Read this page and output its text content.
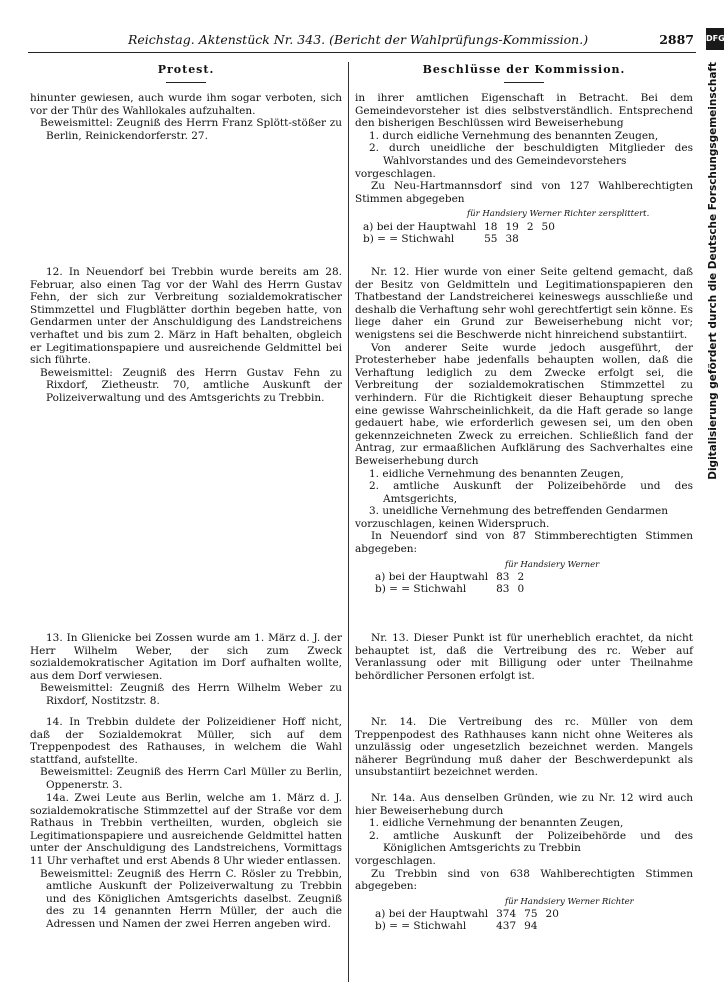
Reichstag. Aktenstück Nr. 343. (Bericht der Wahlprüfungs-Kommission.)	2887
Protest.

hinunter gewiesen, auch wurde ihm sogar verboten, sich vor der Thür des Wahllokales aufzuhalten.

Beweismittel: Zeugniß des Herrn Franz Splött-stößer zu Berlin, Reinickendorferstr. 27.

12. In Neuendorf bei Trebbin wurde bereits am 28. Februar, also einen Tag vor der Wahl des Herrn Gustav Fehn, der sich zur Verbreitung sozialdemokratischer Stimmzettel und Flugblätter dorthin begeben hatte, von Gendarmen unter der Anschuldigung des Landstreichens verhaftet und bis zum 2. März in Haft behalten, obgleich er Legitimationspapiere und ausreichende Geldmittel bei sich führte.

Beweismittel: Zeugniß des Herrn Gustav Fehn zu Rixdorf, Zietheustr. 70, amtliche Auskunft der Polizeiverwaltung und des Amtsgerichts zu Trebbin.

13. In Glienicke bei Zossen wurde am 1. März d. J. der Herr Wilhelm Weber, der sich zum Zweck sozialdemokratischer Agitation im Dorf aufhalten wollte, aus dem Dorf verwiesen.

Beweismittel: Zeugniß des Herrn Wilhelm Weber zu Rixdorf, Nostitzstr. 8.

14. In Trebbin duldete der Polizeidiener Hoff nicht, daß der Sozialdemokrat Müller, sich auf dem Treppenpodest des Rathauses, in welchem die Wahl stattfand, aufstellte.

Beweismittel: Zeugniß des Herrn Carl Müller zu Berlin, Oppenerstr. 3.

14a. Zwei Leute aus Berlin, welche am 1. März d. J. sozialdemokratische Stimmzettel auf der Straße vor dem Rathaus in Trebbin vertheilten, wurden, obgleich sie Legitimationspapiere und ausreichende Geldmittel hatten unter der Anschuldigung des Landstreichens, Vormittags 11 Uhr verhaftet und erst Abends 8 Uhr wieder entlassen.

Beweismittel: Zeugniß des Herrn C. Rösler zu Trebbin, amtliche Auskunft der Polizeiverwaltung zu Trebbin und des Königlichen Amtsgerichts daselbst. Zeugniß des zu 14 genannten Herrn Müller, der auch die Adressen und Namen der zwei Herren angeben wird.

Beschlüsse der Kommission.

in ihrer amtlichen Eigenschaft in Betracht. Bei dem Gemeindevorsteher ist dies selbstverständlich. Entsprechend den bisherigen Beschlüssen wird Beweiserhebung

1. durch eidliche Vernehmung des benannten Zeugen,

2. durch uneidliche der beschuldigten Mitglieder des Wahlvorstandes und des Gemeindevorstehers

vorgeschlagen.

Zu Neu-Hartmannsdorf sind von 127 Wahlberechtigten Stimmen abgegeben

für Handsiery Werner Richter zersplittert.
a) bei der Hauptwahl	18	19	2	50
b) = = Stichwahl	55	38		

Nr. 12. Hier wurde von einer Seite geltend gemacht, daß der Besitz von Geldmitteln und Legitimationspapieren den Thatbestand der Landstreicherei keineswegs ausschließe und deshalb die Verhaftung sehr wohl gerechtfertigt sein könne. Es liege daher ein Grund zur Beweiserhebung nicht vor; wenigstens sei die Beschwerde nicht hinreichend substantiirt.

Von anderer Seite wurde jedoch ausgeführt, der Protesterheber habe jedenfalls behaupten wollen, daß die Verhaftung lediglich zu dem Zwecke erfolgt sei, die Verbreitung der sozialdemokratischen Stimmzettel zu verhindern. Für die Richtigkeit dieser Behauptung spreche eine gewisse Wahrscheinlichkeit, da die Haft gerade so lange gedauert habe, wie erforderlich gewesen sei, um den oben gekennzeichneten Zweck zu erreichen. Schließlich fand der Antrag, zur ermaaßlichen Aufklärung des Sachverhaltes eine Beweiserhebung durch

1. eidliche Vernehmung des benannten Zeugen,

2. amtliche Auskunft der Polizeibehörde und des Amtsgerichts,

3. uneidliche Vernehmung des betreffenden Gendarmen

vorzuschlagen, keinen Widerspruch.

In Neuendorf sind von 87 Stimmberechtigten Stimmen abgegeben:

für Handsiery Werner
a) bei der Hauptwahl	83	2
b) = = Stichwahl	83	0

Nr. 13. Dieser Punkt ist für unerheblich erachtet, da nicht behauptet ist, daß die Vertreibung des rc. Weber auf Veranlassung oder mit Billigung oder unter Theilnahme behördlicher Personen erfolgt ist.

Nr. 14. Die Vertreibung des rc. Müller von dem Treppenpodest des Rathhauses kann nicht ohne Weiteres als unzulässig oder ungesetzlich bezeichnet werden. Mangels näherer Begründung muß daher der Beschwerdepunkt als unsubstantiirt bezeichnet werden.

Nr. 14a. Aus denselben Gründen, wie zu Nr. 12 wird auch hier Beweiserhebung durch

1. eidliche Vernehmung der benannten Zeugen,

2. amtliche Auskunft der Polizeibehörde und des Königlichen Amtsgerichts zu Trebbin

vorgeschlagen.

Zu Trebbin sind von 638 Wahlberechtigten Stimmen abgegeben:

für Handsiery Werner Richter
a) bei der Hauptwahl	374	75	20
b) = = Stichwahl	437	94	
DFG
Digitalisierung gefördert durch die Deutsche Forschungsgemeinschaft
